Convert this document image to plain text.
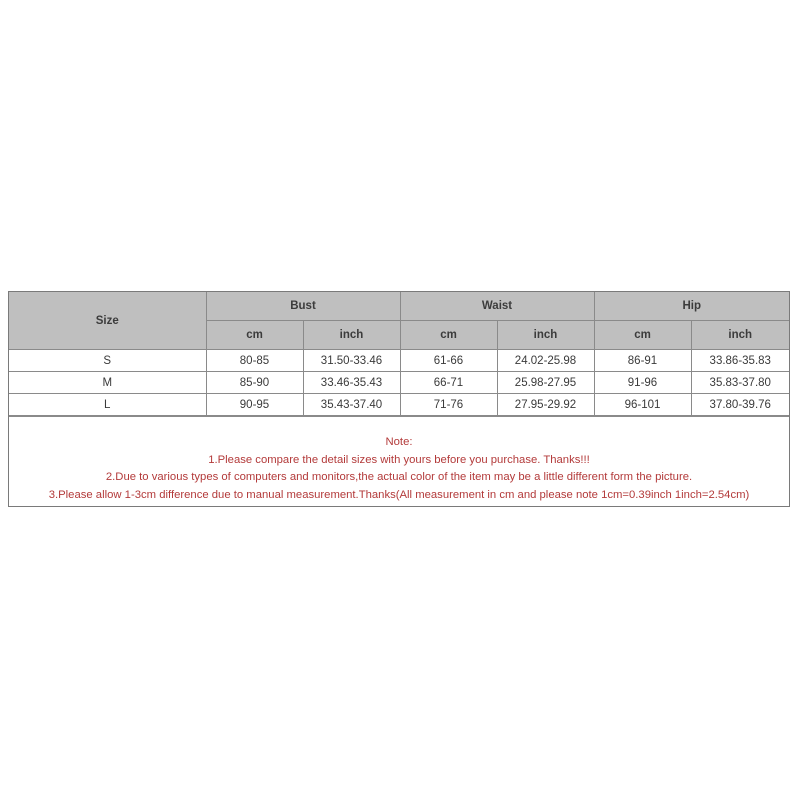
Size	Bust		Waist		Hip	
	cm	inch	cm	inch	cm	inch
S	80-85	31.50-33.46	61-66	24.02-25.98	86-91	33.86-35.83
M	85-90	33.46-35.43	66-71	25.98-27.95	91-96	35.83-37.80
L	90-95	35.43-37.40	71-76	27.95-29.92	96-101	37.80-39.76
Note:
1.Please compare the detail sizes with yours before you purchase. Thanks!!!
2.Due to various types of computers and monitors,the actual color of the item may be a little different form the picture.
3.Please allow 1-3cm difference due to manual measurement.Thanks(All measurement in cm and please note 1cm=0.39inch 1inch=2.54cm)
